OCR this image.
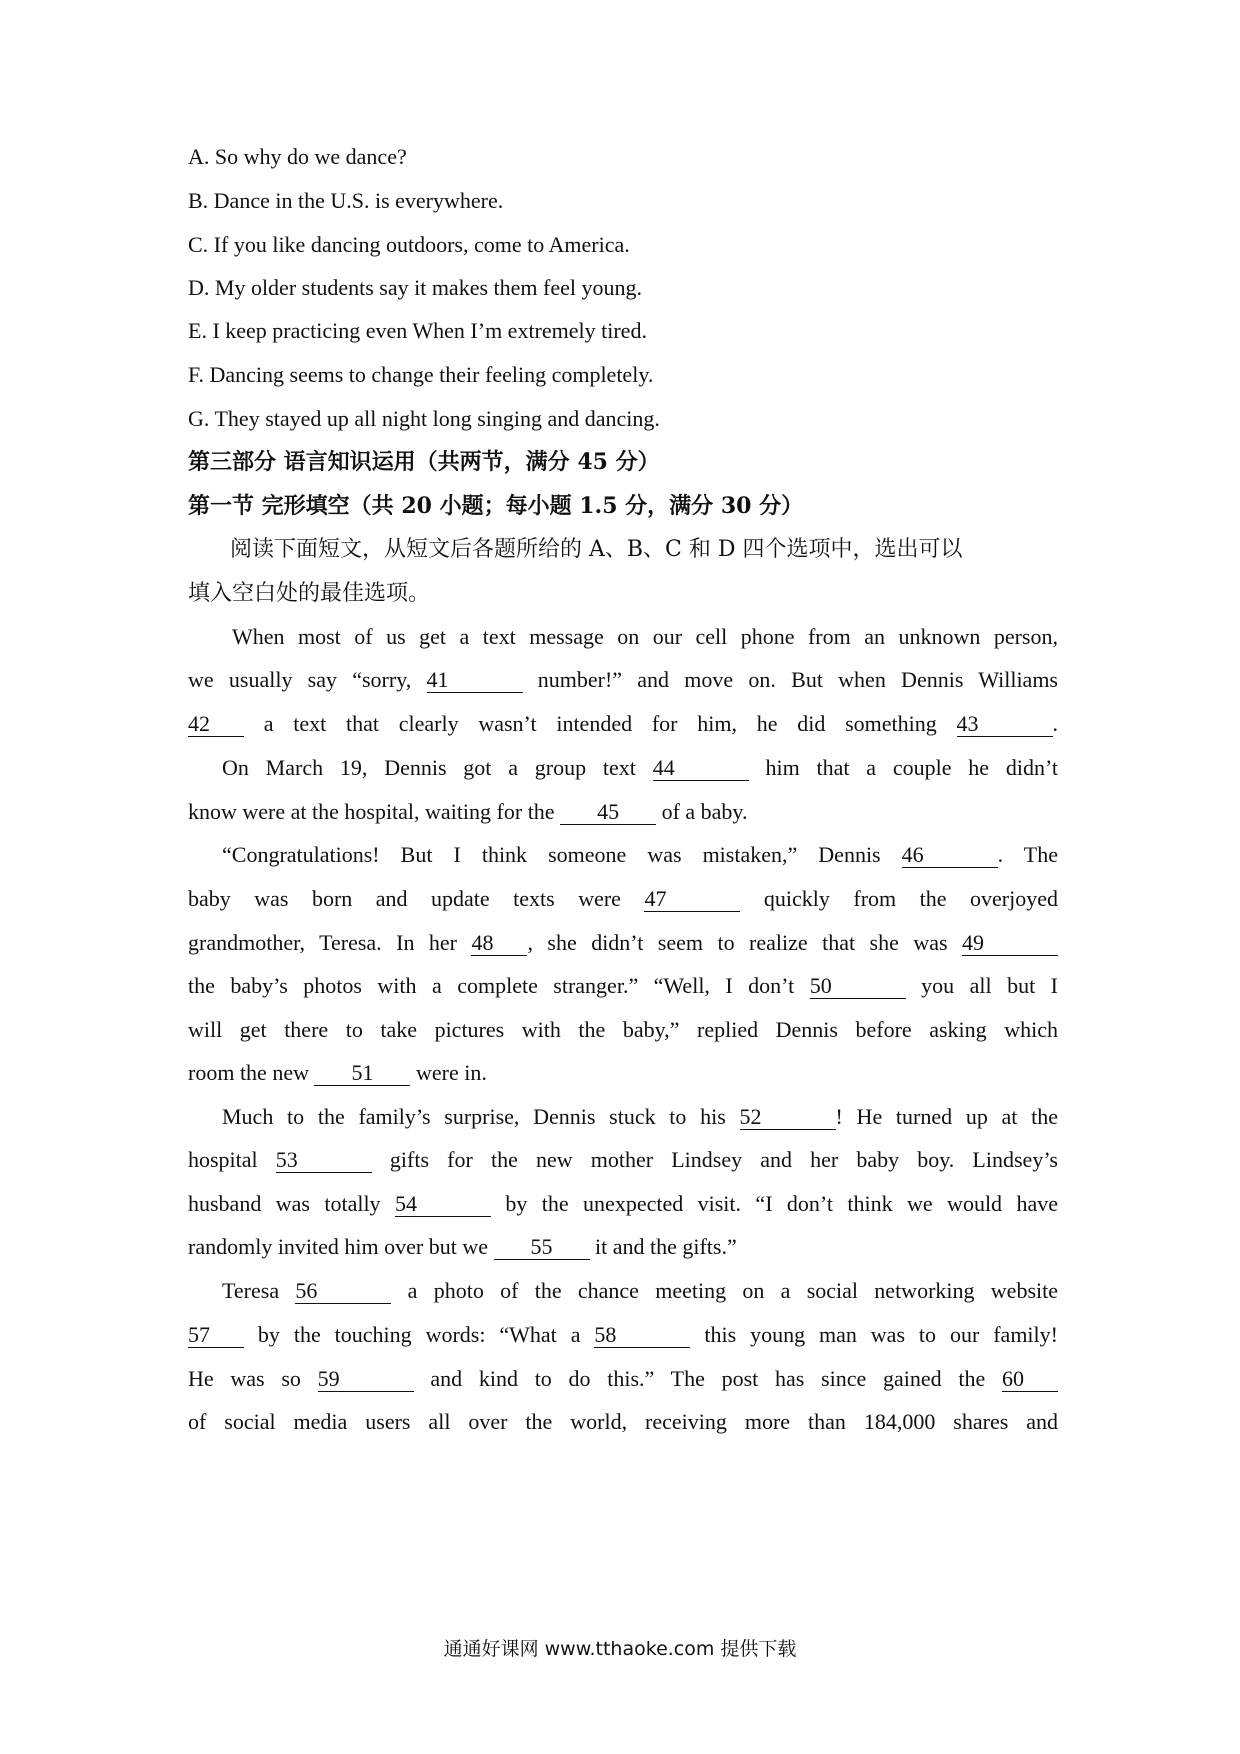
A. So why do we dance?
B. Dance in the U.S. is everywhere.
C. If you like dancing outdoors, come to America.
D. My older students say it makes them feel young.
E. I keep practicing even When I’m extremely tired.
F. Dancing seems to change their feeling completely.
G. They stayed up all night long singing and dancing.
第三部分 语言知识运用（共两节，满分 45 分）
第一节 完形填空（共 20 小题；每小题 1.5 分，满分 30 分）
阅读下面短文，从短文后各题所给的 A、B、C 和 D 四个选项中，选出可以
填入空白处的最佳选项。
When most of us get a text message on our cell phone from an unknown person,
we usually say “sorry, 41	number!” and move on. But when Dennis Williams
42 a text that clearly wasn’t intended for him, he did something 43	.
On March 19, Dennis got a group text 44	him that a couple he didn’t
know were at the hospital, waiting for the 45 of a baby.
“Congratulations! But I think someone was mistaken,” Dennis 46	. The
baby was born and update texts were 47	quickly from the overjoyed
grandmother, Teresa. In her 48 , she didn’t seem to realize that she was 49
the baby’s photos with a complete stranger.” “Well, I don’t 50	you all but I
will get there to take pictures with the baby,” replied Dennis before asking which
room the new 51 were in.
Much to the family’s surprise, Dennis stuck to his 52	! He turned up at the
hospital 53	gifts for the new mother Lindsey and her baby boy. Lindsey’s
husband was totally 54	by the unexpected visit. “I don’t think we would have
randomly invited him over but we 55 it and the gifts.”
Teresa 56	a photo of the chance meeting on a social networking website
57 by the touching words: “What a 58	this young man was to our family!
He was so 59	and kind to do this.” The post has since gained the 60
of social media users all over the world, receiving more than 184,000 shares and
通通好课网 www.tthaoke.com 提供下载
